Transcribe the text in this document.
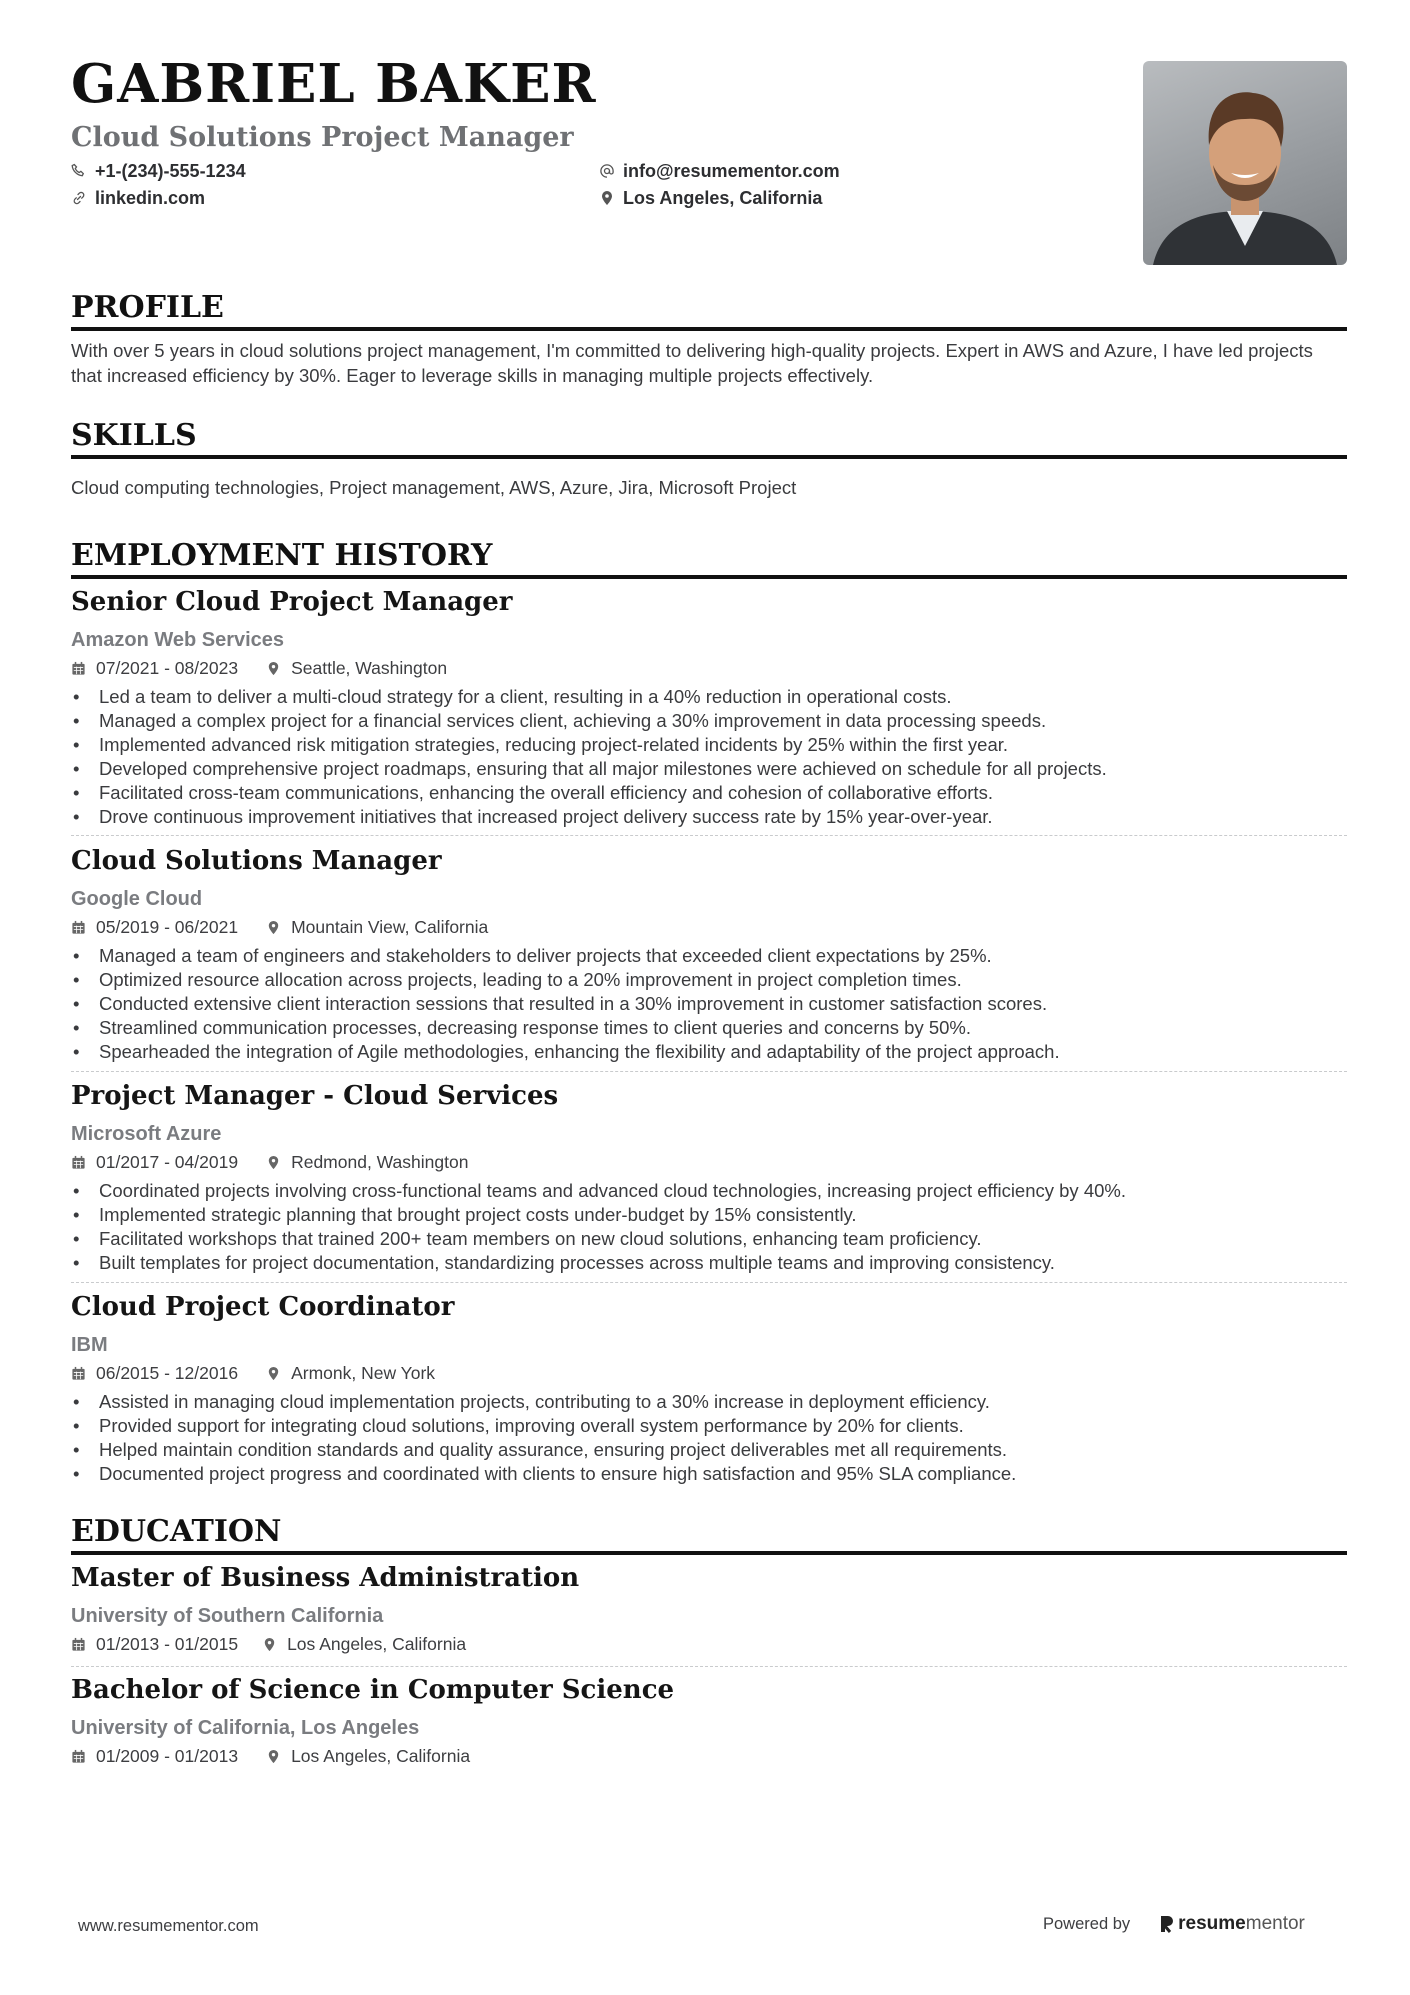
GABRIEL BAKER
Cloud Solutions Project Manager
+1-(234)-555-1234
linkedin.com
info@resumementor.com
Los Angeles, California
PROFILE

With over 5 years in cloud solutions project management, I'm committed to delivering high-quality projects. Expert in AWS and Azure, I have led projects that increased efficiency by 30%. Eager to leverage skills in managing multiple projects effectively.

SKILLS

Cloud computing technologies, Project management, AWS, Azure, Jira, Microsoft Project

EMPLOYMENT HISTORY
Senior Cloud Project Manager
Amazon Web Services
07/2021 - 08/2023	Seattle, Washington
• Led a team to deliver a multi-cloud strategy for a client, resulting in a 40% reduction in operational costs.
• Managed a complex project for a financial services client, achieving a 30% improvement in data processing speeds.
• Implemented advanced risk mitigation strategies, reducing project-related incidents by 25% within the first year.
• Developed comprehensive project roadmaps, ensuring that all major milestones were achieved on schedule for all projects.
• Facilitated cross-team communications, enhancing the overall efficiency and cohesion of collaborative efforts.
• Drove continuous improvement initiatives that increased project delivery success rate by 15% year-over-year.
Cloud Solutions Manager
Google Cloud
05/2019 - 06/2021	Mountain View, California
• Managed a team of engineers and stakeholders to deliver projects that exceeded client expectations by 25%.
• Optimized resource allocation across projects, leading to a 20% improvement in project completion times.
• Conducted extensive client interaction sessions that resulted in a 30% improvement in customer satisfaction scores.
• Streamlined communication processes, decreasing response times to client queries and concerns by 50%.
• Spearheaded the integration of Agile methodologies, enhancing the flexibility and adaptability of the project approach.
Project Manager - Cloud Services
Microsoft Azure
01/2017 - 04/2019	Redmond, Washington
• Coordinated projects involving cross-functional teams and advanced cloud technologies, increasing project efficiency by 40%.
• Implemented strategic planning that brought project costs under-budget by 15% consistently.
• Facilitated workshops that trained 200+ team members on new cloud solutions, enhancing team proficiency.
• Built templates for project documentation, standardizing processes across multiple teams and improving consistency.
Cloud Project Coordinator
IBM
06/2015 - 12/2016	Armonk, New York
• Assisted in managing cloud implementation projects, contributing to a 30% increase in deployment efficiency.
• Provided support for integrating cloud solutions, improving overall system performance by 20% for clients.
• Helped maintain condition standards and quality assurance, ensuring project deliverables met all requirements.
• Documented project progress and coordinated with clients to ensure high satisfaction and 95% SLA compliance.
EDUCATION
Master of Business Administration
University of Southern California
01/2013 - 01/2015	Los Angeles, California
Bachelor of Science in Computer Science
University of California, Los Angeles
01/2009 - 01/2013	Los Angeles, California
www.resumementor.com	Powered by	resume mentor
